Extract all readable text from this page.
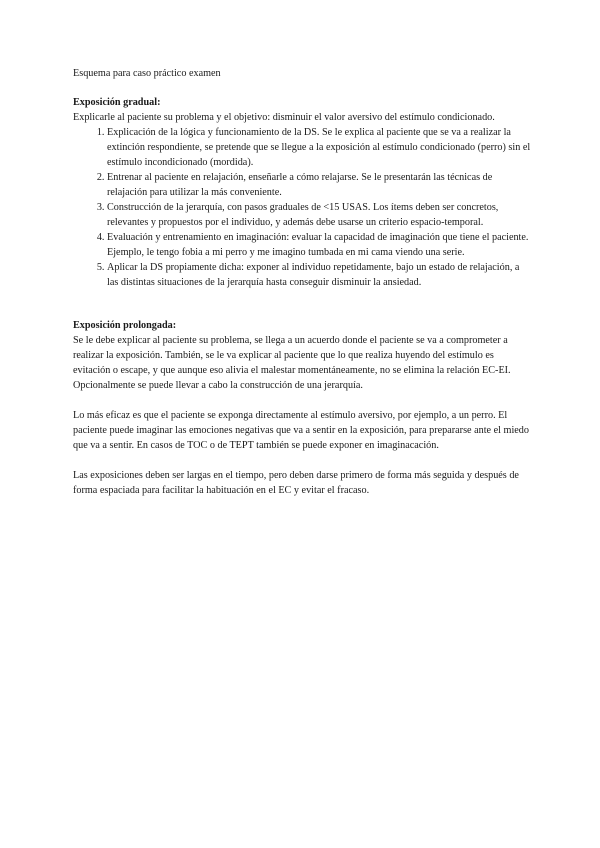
Esquema para caso práctico examen

Exposición gradual:

Explicarle al paciente su problema y el objetivo: disminuir el valor aversivo del estímulo condicionado.

1. Explicación de la lógica y funcionamiento de la DS. Se le explica al paciente que se va a realizar la extinción respondiente, se pretende que se llegue a la exposición al estímulo condicionado (perro) sin el estímulo incondicionado (mordida).
2. Entrenar al paciente en relajación, enseñarle a cómo relajarse. Se le presentarán las técnicas de relajación para utilizar la más conveniente.
3. Construcción de la jerarquía, con pasos graduales de <15 USAS. Los ítems deben ser concretos, relevantes y propuestos por el individuo, y además debe usarse un criterio espacio-temporal.
4. Evaluación y entrenamiento en imaginación: evaluar la capacidad de imaginación que tiene el paciente. Ejemplo, le tengo fobia a mi perro y me imagino tumbada en mi cama viendo una serie.
5. Aplicar la DS propiamente dicha: exponer al individuo repetidamente, bajo un estado de relajación, a las distintas situaciones de la jerarquía hasta conseguir disminuir la ansiedad.

Exposición prolongada:

Se le debe explicar al paciente su problema, se llega a un acuerdo donde el paciente se va a comprometer a realizar la exposición. También, se le va explicar al paciente que lo que realiza huyendo del estímulo es evitación o escape, y que aunque eso alivia el malestar momentáneamente, no se elimina la relación EC-EI. Opcionalmente se puede llevar a cabo la construcción de una jerarquía.

Lo más eficaz es que el paciente se exponga directamente al estímulo aversivo, por ejemplo, a un perro. El paciente puede imaginar las emociones negativas que va a sentir en la exposición, para prepararse ante el miedo que va a sentir. En casos de TOC o de TEPT también se puede exponer en imaginacación.

Las exposiciones deben ser largas en el tiempo, pero deben darse primero de forma más seguida y después de forma espaciada para facilitar la habituación en el EC y evitar el fracaso.
